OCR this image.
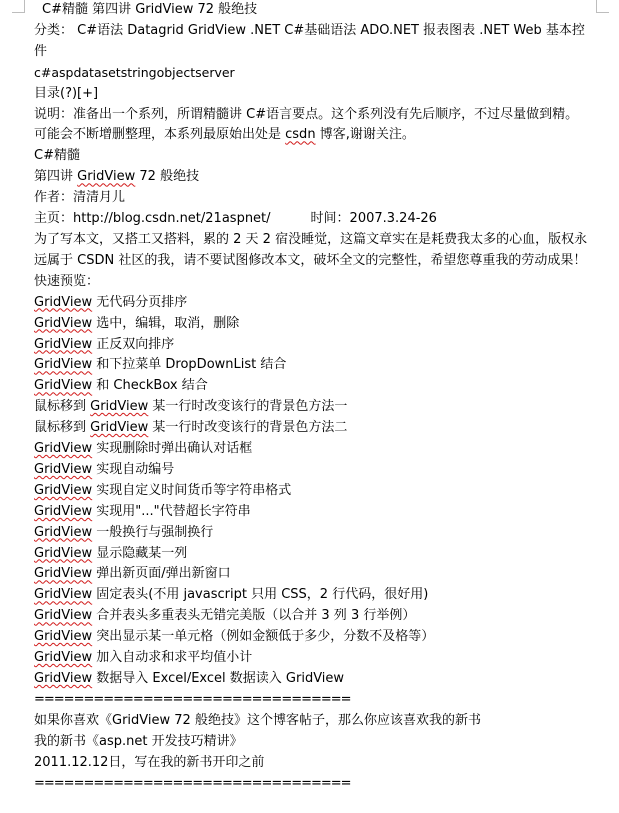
C#精髓 第四讲 GridView 72 般绝技

分类： C#语法 Datagrid GridView .NET C#基础语法 ADO.NET 报表图表 .NET Web 基本控件

c#aspdatasetstringobjectserver

目录(?)[+]

说明：准备出一个系列，所谓精髓讲 C#语言要点。这个系列没有先后顺序，不过尽量做到精。可能会不断增删整理，本系列最原始出处是 csdn 博客,谢谢关注。

C#精髓

第四讲 GridView 72 般绝技

作者：清清月儿

主页：http://blog.csdn.net/21aspnet/	时间：2007.3.24-26

为了写本文，又搭工又搭料，累的 2 天 2 宿没睡觉，这篇文章实在是耗费我太多的心血，版权永远属于 CSDN 社区的我，请不要试图修改本文，破坏全文的完整性，希望您尊重我的劳动成果！

快速预览：

GridView 无代码分页排序

GridView 选中，编辑，取消，删除

GridView 正反双向排序

GridView 和下拉菜单 DropDownList 结合

GridView 和 CheckBox 结合

鼠标移到 GridView 某一行时改变该行的背景色方法一

鼠标移到 GridView 某一行时改变该行的背景色方法二

GridView 实现删除时弹出确认对话框

GridView 实现自动编号

GridView 实现自定义时间货币等字符串格式

GridView 实现用"..."代替超长字符串

GridView 一般换行与强制换行

GridView 显示隐藏某一列

GridView 弹出新页面/弹出新窗口

GridView 固定表头(不用 javascript 只用 CSS，2 行代码，很好用)

GridView 合并表头多重表头无错完美版（以合并 3 列 3 行举例）

GridView 突出显示某一单元格（例如金额低于多少，分数不及格等）

GridView 加入自动求和求平均值小计

GridView 数据导入 Excel/Excel 数据读入 GridView

================================

如果你喜欢《GridView 72 般绝技》这个博客帖子，那么你应该喜欢我的新书

我的新书《asp.net 开发技巧精讲》

2011.12.12日，写在我的新书开印之前

================================
